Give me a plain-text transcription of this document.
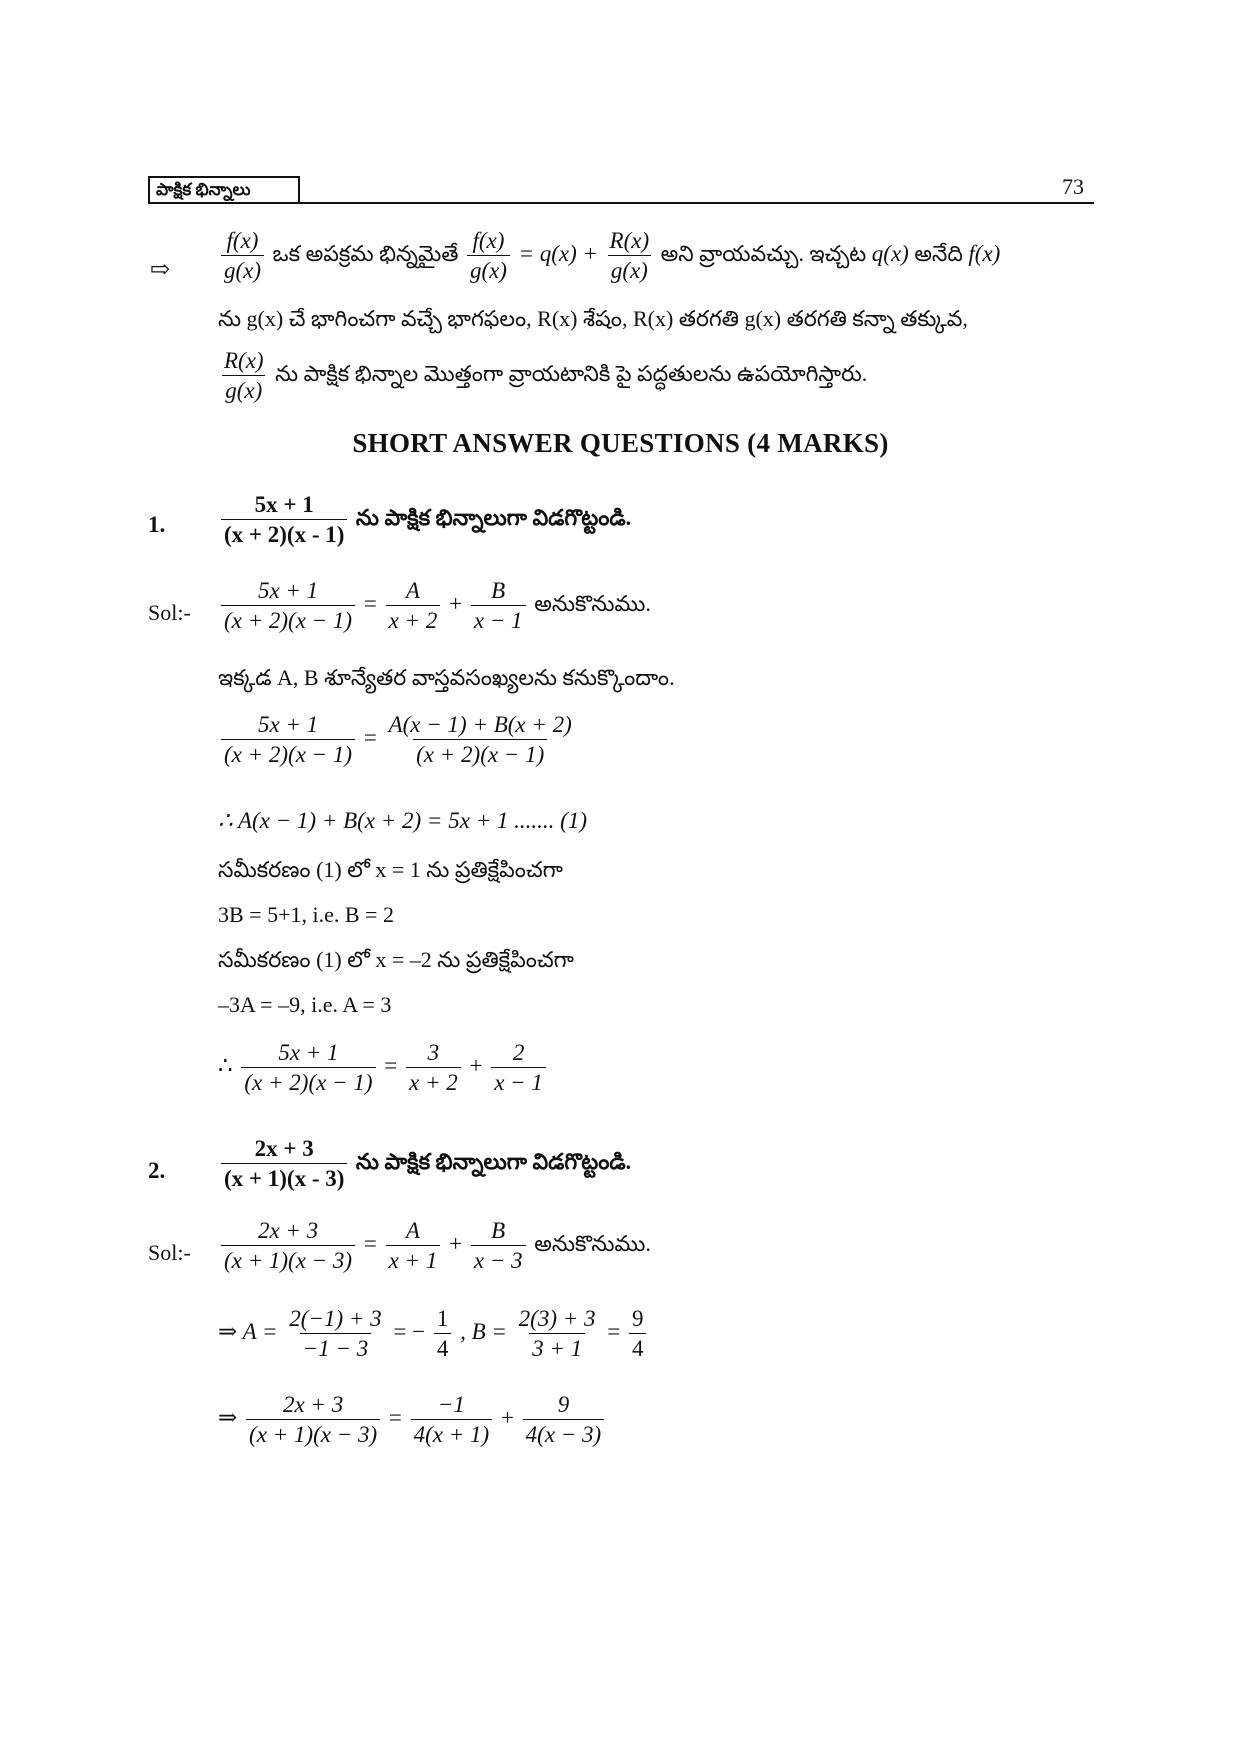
పాక్షిక భిన్నాలు	73
⇨ $\frac{f(x)}{g(x)}$ ఒక అపక్రమ భిన్నమైతే $\frac{f(x)}{g(x)} = q(x) + \frac{R(x)}{g(x)}$ అని వ్రాయవచ్చు. ఇచ్చట q(x) అనేది f(x)
ను g(x) చే భాగించగా వచ్చే భాగఫలం, R(x) శేషం, R(x) తరగతి g(x) తరగతి కన్నా తక్కువ,
$\frac{R(x)}{g(x)}$ ను పాక్షిక భిన్నాల మొత్తంగా వ్రాయటానికి పై పద్ధతులను ఉపయోగిస్తారు.
SHORT ANSWER QUESTIONS (4 MARKS)
1. $\frac{5x + 1}{(x + 2)(x - 1)}$ ను పాక్షిక భిన్నాలుగా విడగొట్టండి.
Sol:- $\frac{5x + 1}{(x + 2)(x - 1)} = \frac{A}{x + 2} + \frac{B}{x - 1}$ అనుకొనుము.
ఇక్కడ A, B శూన్యేతర వాస్తవసంఖ్యలను కనుక్కొందాం.
$\frac{5x + 1}{(x + 2)(x - 1)} = \frac{A(x - 1) + B(x + 2)}{(x + 2)(x - 1)}$
∴ A(x − 1) + B(x + 2) = 5x + 1 ....... (1)
సమీకరణం (1) లో x = 1 ను ప్రతిక్షేపించగా
3B = 5+1, i.e. B = 2
సమీకరణం (1) లో x = –2 ను ప్రతిక్షేపించగా
–3A = –9, i.e. A = 3
∴ $\frac{5x + 1}{(x + 2)(x - 1)} = \frac{3}{x + 2} + \frac{2}{x - 1}$
2. $\frac{2x + 3}{(x + 1)(x - 3)}$ ను పాక్షిక భిన్నాలుగా విడగొట్టండి.
Sol:- $\frac{2x + 3}{(x + 1)(x - 3)} = \frac{A}{x + 1} + \frac{B}{x - 3}$ అనుకొనుము.
⇒ $A = \frac{2(-1) + 3}{-1 - 3}$ = − $\frac{1}{4}$ , $B = \frac{2(3) + 3}{3 + 1} = \frac{9}{4}$
⇒ $\frac{2x + 3}{(x + 1)(x - 3)} = \frac{-1}{4(x + 1)} + \frac{9}{4(x - 3)}$
